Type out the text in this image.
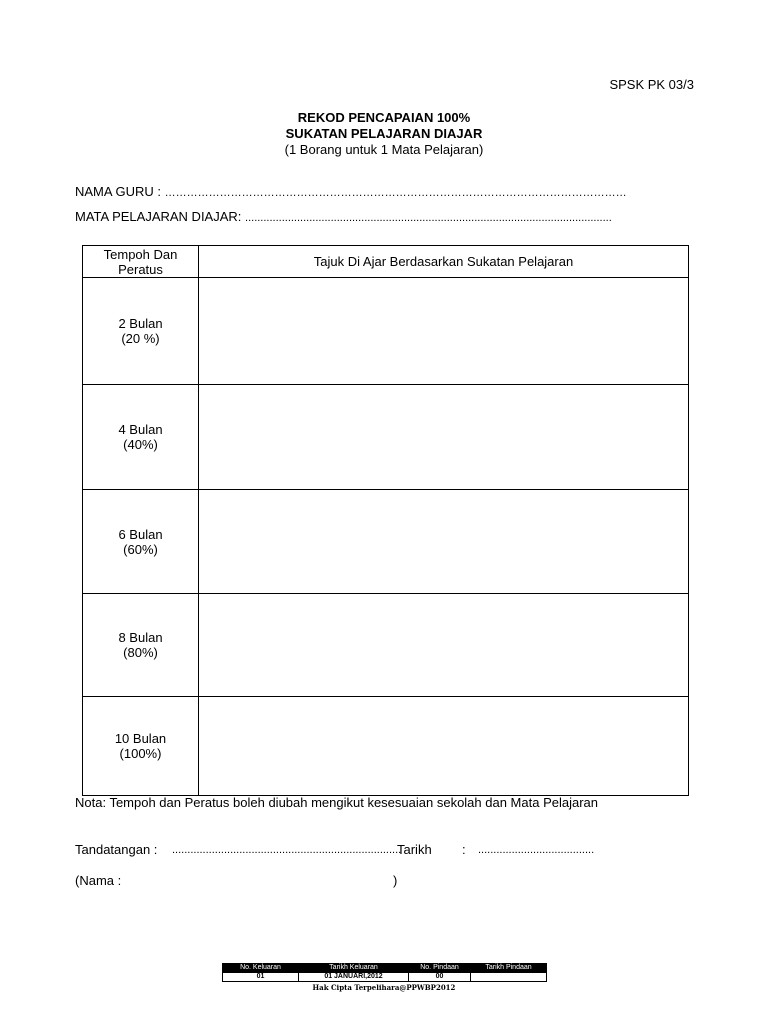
SPSK PK 03/3
REKOD PENCAPAIAN 100%
SUKATAN PELAJARAN DIAJAR
(1 Borang untuk 1 Mata Pelajaran)
NAMA GURU : ………………………………………………………………………………………………………………
MATA PELAJARAN DIAJAR: ........................................................................................................................
Tempoh Dan
Peratus	Tajuk Di Ajar Berdasarkan Sukatan Pelajaran

2 Bulan
(20 %)	

4 Bulan
(40%)	

6 Bulan
(60%)	

8 Bulan
(80%)	

10 Bulan
(100%)	

Nota: Tempoh dan Peratus boleh diubah mengikut kesesuaian sekolah dan Mata Pelajaran
Tandatangan : ...........................................................................
Tarikh : ......................................
(Nama :	)
No. Keluaran	Tarikh Keluaran	No. Pindaan	Tarikh Pindaan
01	01 JANUARI,2012	00	
Hak Cipta Terpelihara@PPWBP2012
